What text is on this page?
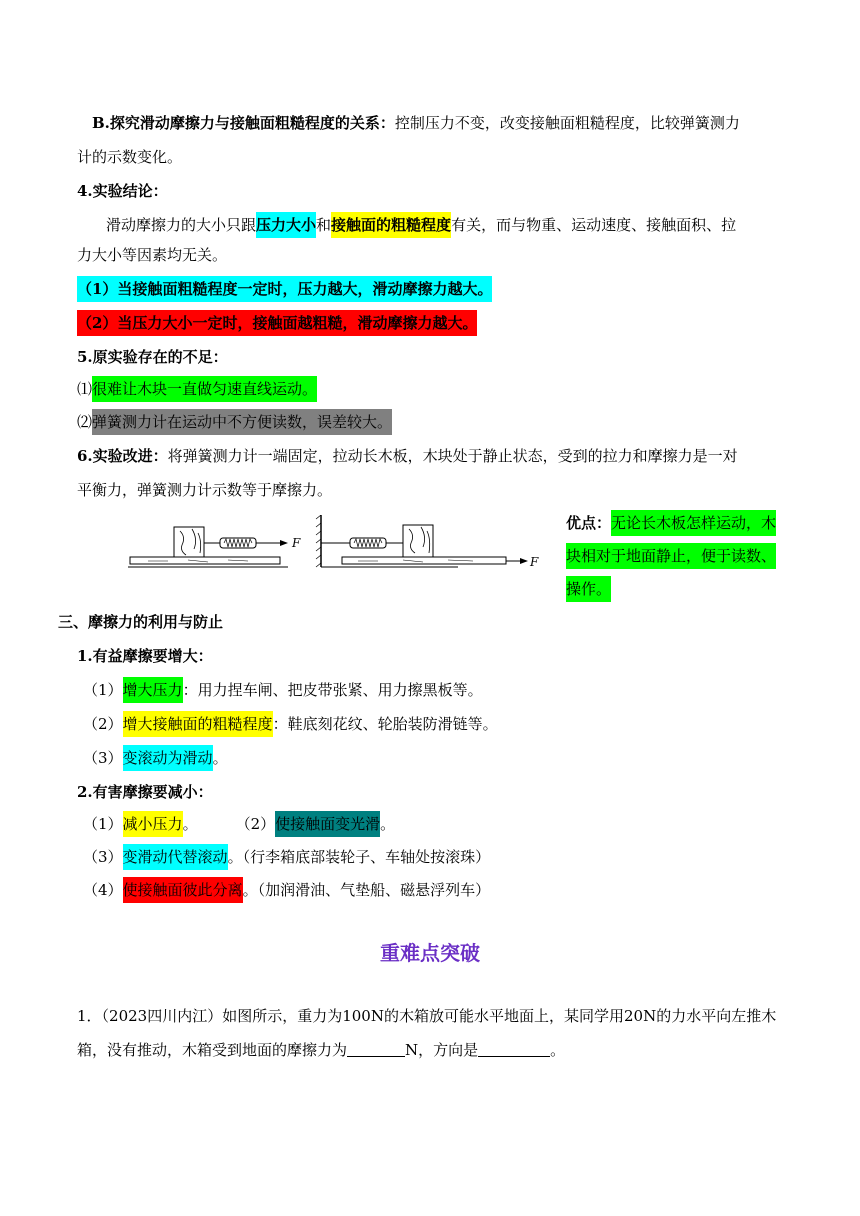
B.探究滑动摩擦力与接触面粗糙程度的关系：控制压力不变，改变接触面粗糙程度，比较弹簧测力
计的示数变化。
4.实验结论：
滑动摩擦力的大小只跟压力大小和接触面的粗糙程度有关，而与物重、运动速度、接触面积、拉
力大小等因素均无关。
（1）当接触面粗糙程度一定时，压力越大，滑动摩擦力越大。
（2）当压力大小一定时，接触面越粗糙，滑动摩擦力越大。
5.原实验存在的不足：
⑴很难让木块一直做匀速直线运动。
⑵弹簧测力计在运动中不方便读数，误差较大。
6.实验改进：将弹簧测力计一端固定，拉动长木板，木块处于静止状态，受到的拉力和摩擦力是一对
平衡力，弹簧测力计示数等于摩擦力。
F
F
优点：无论长木板怎样运动，木
块相对于地面静止，便于读数、
操作。
三、摩擦力的利用与防止
1.有益摩擦要增大：
（1）增大压力：用力捏车闸、把皮带张紧、用力擦黑板等。
（2）增大接触面的粗糙程度：鞋底刻花纹、轮胎装防滑链等。
（3）变滚动为滑动。
2.有害摩擦要减小：
（1）减小压力。	（2）使接触面变光滑。
（3）变滑动代替滚动。（行李箱底部装轮子、车轴处按滚珠）
（4）使接触面彼此分离。（加润滑油、气垫船、磁悬浮列车）
重难点突破
1．（2023四川内江）如图所示，重力为100N的木箱放可能水平地面上，某同学用20N的力水平向左推木
箱，没有推动，木箱受到地面的摩擦力为	N，方向是	。
